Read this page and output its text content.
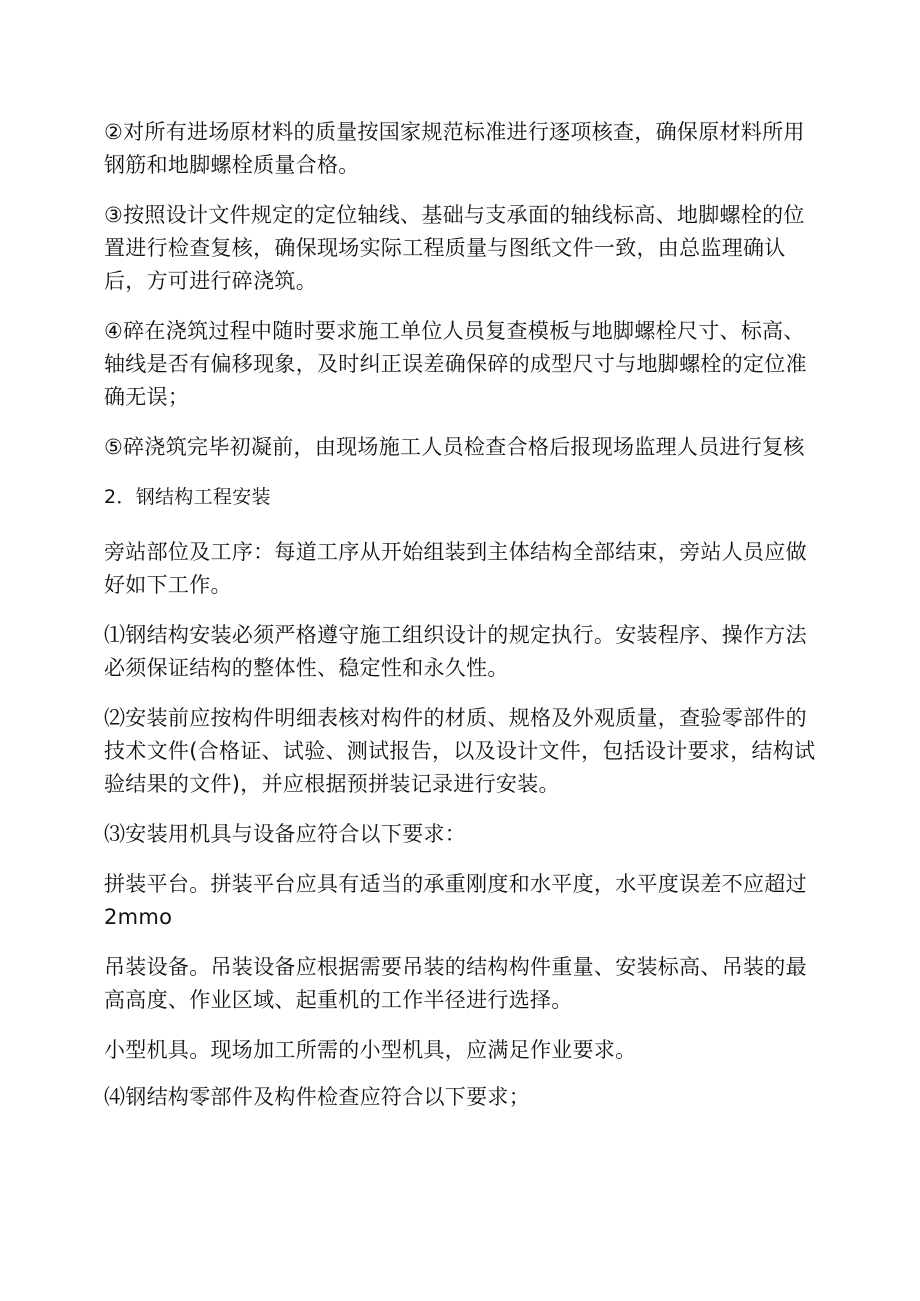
②对所有进场原材料的质量按国家规范标准进行逐项核查，确保原材料所用钢筋和地脚螺栓质量合格。

③按照设计文件规定的定位轴线、基础与支承面的轴线标高、地脚螺栓的位置进行检查复核，确保现场实际工程质量与图纸文件一致，由总监理确认后，方可进行碎浇筑。

④碎在浇筑过程中随时要求施工单位人员复查模板与地脚螺栓尺寸、标高、轴线是否有偏移现象，及时纠正误差确保碎的成型尺寸与地脚螺栓的定位准确无误；

⑤碎浇筑完毕初凝前，由现场施工人员检查合格后报现场监理人员进行复核

2．钢结构工程安装

旁站部位及工序：每道工序从开始组装到主体结构全部结束，旁站人员应做好如下工作。

⑴钢结构安装必须严格遵守施工组织设计的规定执行。安装程序、操作方法必须保证结构的整体性、稳定性和永久性。

⑵安装前应按构件明细表核对构件的材质、规格及外观质量，查验零部件的技术文件(合格证、试验、测试报告，以及设计文件，包括设计要求，结构试验结果的文件)，并应根据预拼装记录进行安装。

⑶安装用机具与设备应符合以下要求：

拼装平台。拼装平台应具有适当的承重刚度和水平度，水平度误差不应超过2mmo

吊装设备。吊装设备应根据需要吊装的结构构件重量、安装标高、吊装的最高高度、作业区域、起重机的工作半径进行选择。

小型机具。现场加工所需的小型机具，应满足作业要求。

⑷钢结构零部件及构件检查应符合以下要求；
